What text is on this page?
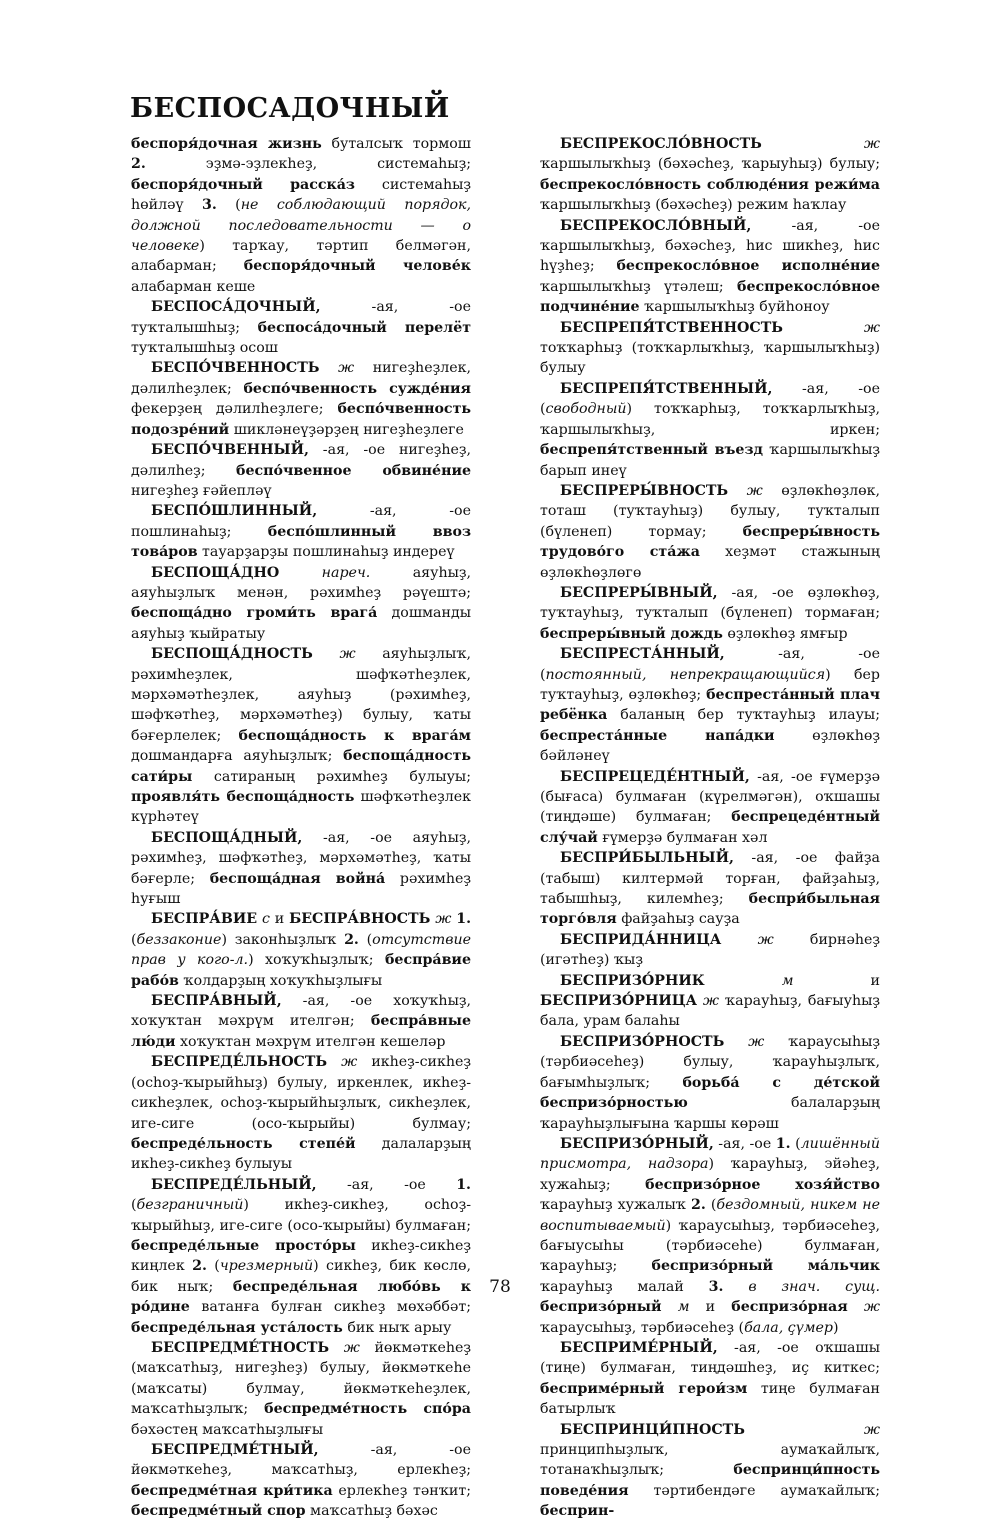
БЕСПОСАДОЧНЫЙ

беспоря́дочная жизнь буталсыҡ тормош 2. эҙмә-эҙлекһеҙ, системаһыҙ; беспоря́дочный расска́з системаһыҙ һөйләү 3. (не соблюдающий порядок, должной последовательности — о человеке) тарҡау, тәртип белмәгән, алабарман; беспоря́дочный челове́к алабарман кеше

БЕСПОСА́ДОЧНЫЙ, -ая, -ое туҡталышһыҙ; беспоса́дочный перелёт туҡталышһыҙ осош

БЕСПО́ЧВЕННОСТЬ ж нигеҙһеҙлек, дәлилһеҙлек; беспо́чвенность сужде́ния фекерҙең дәлилһеҙлеге; беспо́чвенность подозре́ний шикләнеүҙәрҙең нигеҙһеҙлеге

БЕСПО́ЧВЕННЫЙ, -ая, -ое нигеҙһеҙ, дәлилһеҙ; беспо́чвенное обвине́ние нигеҙһеҙ ғәйепләү

БЕСПО́ШЛИННЫЙ, -ая, -ое пошлинаһыҙ; беспо́шлинный ввоз това́ров тауарҙарҙы пошлинаһыҙ индереү

БЕСПОЩА́ДНО	нареч. аяуһыҙ, аяуһыҙлыҡ менән, рәхимһеҙ рәүештә; беспоща́дно громи́ть врага́ дошманды аяуһыҙ ҡыйратыу

БЕСПОЩА́ДНОСТЬ ж аяуһыҙлыҡ, рәхимһеҙлек, шәфҡәтһеҙлек, мәрхәмәтһеҙлек, аяуһыҙ (рәхимһеҙ, шәфҡәтһеҙ, мәрхәмәтһеҙ) булыу, ҡаты бәғерлелек; беспоща́дность к врага́м дошмандарға аяуһыҙлыҡ; беспоща́дность сати́ры сатираның рәхимһеҙ булыуы; проявля́ть беспоща́дность шәфҡәтһеҙлек күрһәтеү

БЕСПОЩА́ДНЫЙ, -ая, -ое аяуһыҙ, рәхимһеҙ, шәфҡәтһеҙ, мәрхәмәтһеҙ, ҡаты бәғерле; беспоща́дная война́ рәхимһеҙ һуғыш

БЕСПРА́ВИЕ с и БЕСПРА́ВНОСТЬ ж 1. (беззаконие) законһыҙлыҡ 2. (отсутствие прав у кого-л.) хоҡуҡһыҙлыҡ; беспра́вие рабо́в ҡолдарҙың хоҡуҡһыҙлығы

БЕСПРА́ВНЫЙ, -ая, -ое хоҡуҡһыҙ, хоҡуҡтан мәхрүм ителгән; беспра́вные лю́ди хоҡуҡтан мәхрүм ителгән кешеләр

БЕСПРЕДЕ́ЛЬНОСТЬ ж икһеҙ-сикһеҙ (осһоҙ-ҡырыйһыҙ) булыу, иркенлек, икһеҙ-сикһеҙлек, осһоҙ-ҡырыйһыҙлыҡ, сикһеҙлек, иге-сиге (осо-ҡырыйы) булмау; беспреде́льность степе́й далаларҙың икһеҙ-сикһеҙ булыуы

БЕСПРЕДЕ́ЛЬНЫЙ, -ая, -ое 1. (безграничный) икһеҙ-сикһеҙ, осһоҙ-ҡырыйһыҙ, иге-сиге (осо-ҡырыйы) булмаған; беспреде́льные просто́ры икһеҙ-сикһеҙ киңлек 2. (чрезмерный) сикһеҙ, бик көслө, бик ныҡ; беспреде́льная любо́вь к ро́дине ватанға булған сикһеҙ мөхәббәт; беспреде́льная уста́лость бик ныҡ арыу

БЕСПРЕДМЕ́ТНОСТЬ ж йөкмәткеһеҙ (маҡсатһыҙ, нигеҙһеҙ) булыу, йөкмәткеһе (маҡсаты) булмау, йөкмәткеһеҙлек, маҡсатһыҙлыҡ; беспредме́тность спо́ра бәхәстең маҡсатһыҙлығы

БЕСПРЕДМЕ́ТНЫЙ, -ая, -ое йөкмәткеһеҙ, маҡсатһыҙ, ерлекһеҙ; беспредме́тная кри́тика ерлекһеҙ тәнҡит; беспредме́тный спор маҡсатһыҙ бәхәс

БЕСПРЕКОСЛО́ВНОСТЬ	ж ҡаршылыҡһыҙ (бәхәсһеҙ, ҡарыуһыҙ) булыу; беспрекосло́вность соблюде́ния режи́ма ҡаршылыҡһыҙ (бәхәсһеҙ) режим һаҡлау

БЕСПРЕКОСЛО́ВНЫЙ, -ая, -ое ҡаршылыҡһыҙ, бәхәсһеҙ, һис шикһеҙ, һис һүҙһеҙ; беспрекосло́вное исполне́ние ҡаршылыҡһыҙ үтәлеш; беспрекосло́вное подчине́ние ҡаршылыҡһыҙ буйһоноу

БЕСПРЕПЯ́ТСТВЕННОСТЬ	ж тоҡҡарһыҙ (тоҡҡарлыҡһыҙ, ҡаршылыҡһыҙ) булыу

БЕСПРЕПЯ́ТСТВЕННЫЙ, -ая, -ое (свободный) тоҡҡарһыҙ, тоҡҡарлыҡһыҙ, ҡаршылыҡһыҙ, иркен; беспрепя́тственный въезд ҡаршылыҡһыҙ барып инеү

БЕСПРЕРЫ́ВНОСТЬ ж өҙлөкһөҙлөк, тоташ (туҡтауһыҙ) булыу, туҡталып (бүленеп) тормау; беспреры́вность трудово́го ста́жа хеҙмәт стажының өҙлөкһөҙлөгө

БЕСПРЕРЫ́ВНЫЙ, -ая, -ое өҙлөкһөҙ, туҡтауһыҙ, туҡталып (бүленеп) тормаған; беспреры́вный дождь өҙлөкһөҙ ямғыр

БЕСПРЕСТА́ННЫЙ, -ая, -ое (постоянный, непрекращающийся) бер туҡтауһыҙ, өҙлөкһөҙ; беспреста́нный плач ребёнка баланың бер туҡтауһыҙ илауы; беспреста́нные напа́дки өҙлөкһөҙ бәйләнеү

БЕСПРЕЦЕДЕ́НТНЫЙ, -ая, -ое ғүмерҙә (бығаса) булмаған (күрелмәгән), оҡшашы (тиңдәше) булмаған; беспрецеде́нтный слу́чай ғүмерҙә булмаған хәл

БЕСПРИ́БЫЛЬНЫЙ, -ая, -ое файҙа (табыш) килтермәй торған, файҙаһыҙ, табышһыҙ, килемһеҙ; беспри́быльная торго́вля файҙаһыҙ сауҙа

БЕСПРИДА́ННИЦА	ж бирнәһеҙ (игәтһеҙ) ҡыҙ

БЕСПРИЗО́РНИК	м и БЕСПРИЗО́РНИЦА ж ҡарауһыҙ, бағыуһыҙ бала, урам балаһы

БЕСПРИЗО́РНОСТЬ ж ҡараусыһыҙ (тәрбиәсеһеҙ) булыу, ҡарауһыҙлыҡ, бағымһыҙлыҡ; борьба́ с де́тской беспризо́рностью балаларҙың ҡарауһыҙлығына ҡаршы көрәш

БЕСПРИЗО́РНЫЙ, -ая, -ое 1. (лишённый присмотра, надзора) ҡарауһыҙ, эйәһеҙ, хужаһыҙ; беспризо́рное хозя́йство ҡарауһыҙ хужалыҡ 2. (бездомный, никем не воспитываемый) ҡараусыһыҙ, тәрбиәсеһеҙ, бағыусыһы (тәрбиәсеһе) булмаған, ҡарауһыҙ; беспризо́рный ма́льчик ҡарауһыҙ малай 3. в знач. сущ. беспризо́рный м и беспризо́рная ж ҡараусыһыҙ, тәрбиәсеһеҙ (бала, ҫүмер)

БЕСПРИМЕ́РНЫЙ, -ая, -ое оҡшашы (тиңе) булмаған, тиңдәшһеҙ, иҫ киткес; бесприме́рный герои́зм тиңе булмаған батырлыҡ

БЕСПРИНЦИ́ПНОСТЬ	ж принципһыҙлыҡ, аумаҡайлыҡ, тотанаҡһыҙлыҡ; беспринци́пность поведе́ния тәртибендәге аумаҡайлыҡ; бесприн-

78
